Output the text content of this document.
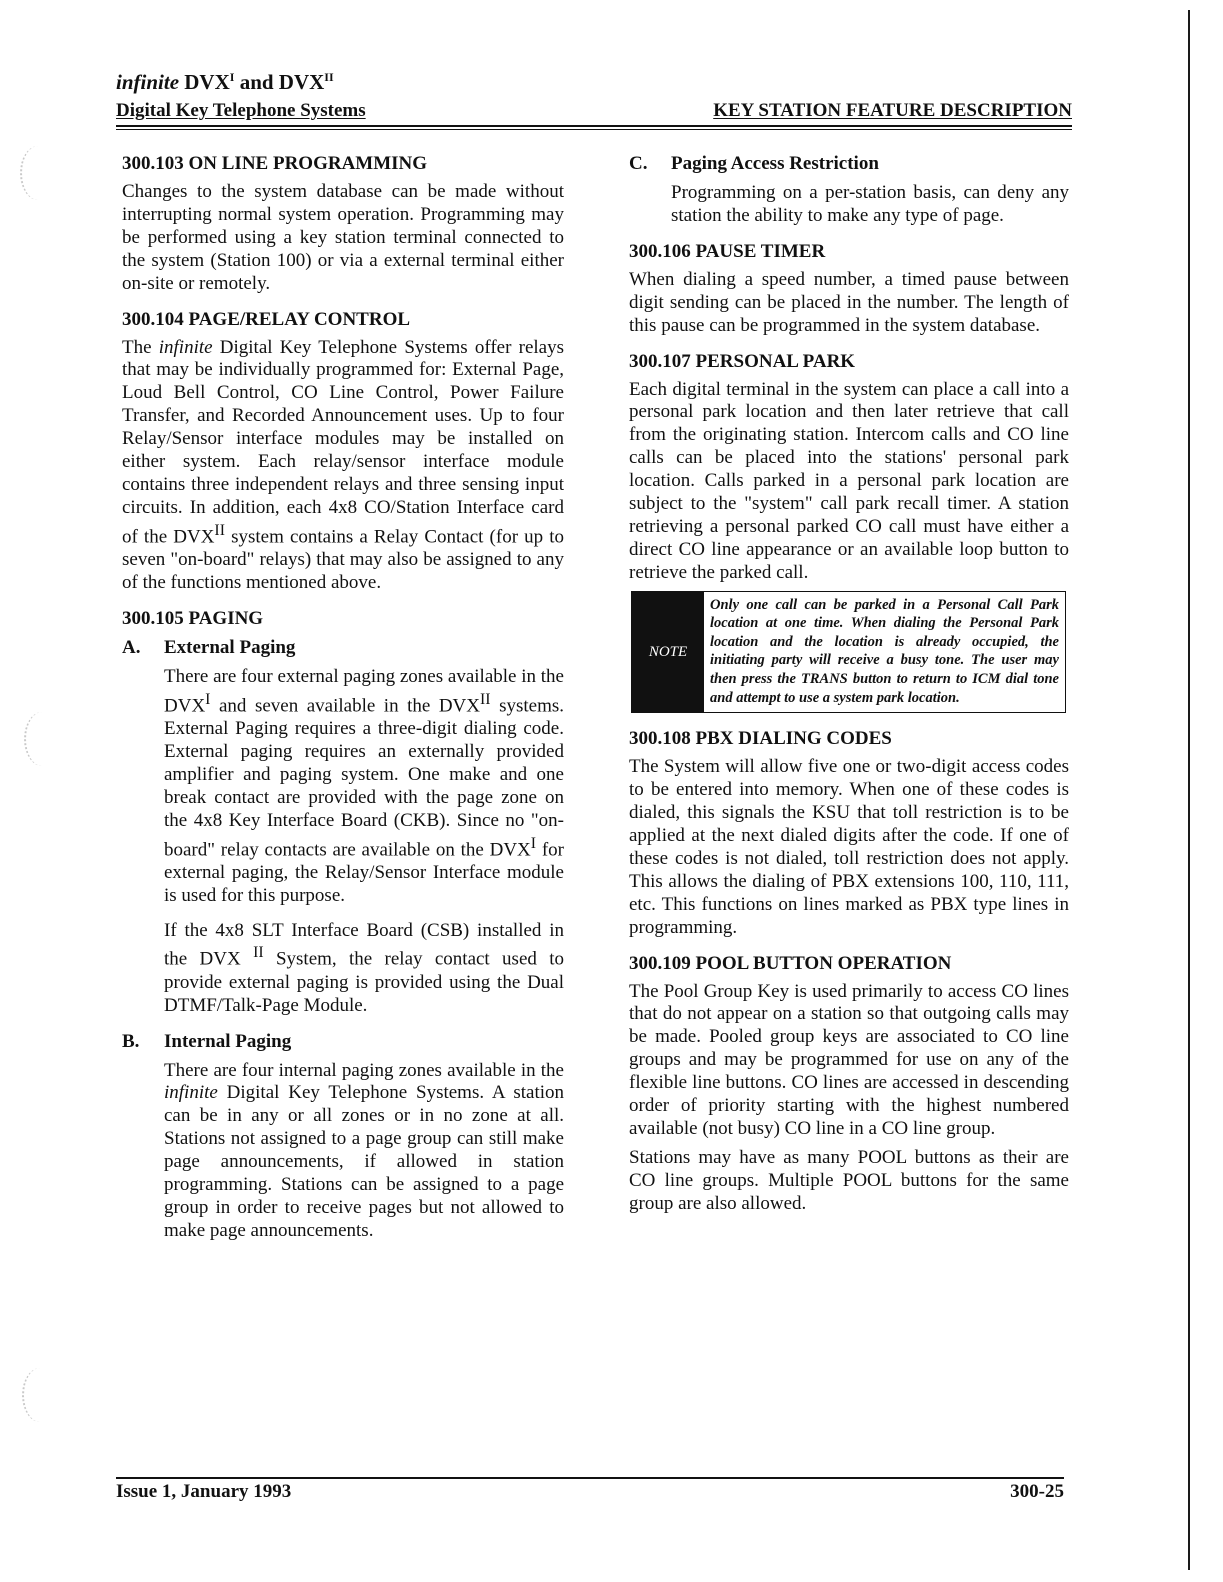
infinite $DVX^I$ and $DVX^{II}$
Digital Key Telephone Systems	KEY STATION FEATURE DESCRIPTION
300.103 ON LINE PROGRAMMING

Changes to the system database can be made without interrupting normal system operation. Programming may be performed using a key station terminal connected to the system (Station 100) or via a external terminal either on-site or remotely.

300.104 PAGE/RELAY CONTROL

The infinite Digital Key Telephone Systems offer relays that may be individually programmed for: External Page, Loud Bell Control, CO Line Control, Power Failure Transfer, and Recorded Announcement uses. Up to four Relay/Sensor interface modules may be installed on either system. Each relay/sensor interface module contains three independent relays and three sensing input circuits. In addition, each 4x8 CO/Station Interface card of the $DVX^{II}$ system contains a Relay Contact (for up to seven "on-board" relays) that may also be assigned to any of the functions mentioned above.

300.105 PAGING
A. External Paging

There are four external paging zones available in the $DVX^I$ and seven available in the $DVX^{II}$ systems. External Paging requires a three-digit dialing code. External paging requires an externally provided amplifier and paging system. One make and one break contact are provided with the page zone on the 4x8 Key Interface Board (CKB). Since no "on-board" relay contacts are available on the $DVX^I$ for external paging, the Relay/Sensor Interface module is used for this purpose.

If the 4x8 SLT Interface Board (CSB) installed in the DVX $^{II}$ System, the relay contact used to provide external paging is provided using the Dual DTMF/Talk-Page Module.

B. Internal Paging

There are four internal paging zones available in the infinite Digital Key Telephone Systems. A station can be in any or all zones or in no zone at all. Stations not assigned to a page group can still make page announcements, if allowed in station programming. Stations can be assigned to a page group in order to receive pages but not allowed to make page announcements.

C. Paging Access Restriction

Programming on a per-station basis, can deny any station the ability to make any type of page.

300.106 PAUSE TIMER

When dialing a speed number, a timed pause between digit sending can be placed in the number. The length of this pause can be programmed in the system database.

300.107 PERSONAL PARK

Each digital terminal in the system can place a call into a personal park location and then later retrieve that call from the originating station. Intercom calls and CO line calls can be placed into the stations' personal park location. Calls parked in a personal park location are subject to the "system" call park recall timer. A station retrieving a personal parked CO call must have either a direct CO line appearance or an available loop button to retrieve the parked call.

NOTE
Only one call can be parked in a Personal Call Park location at one time. When dialing the Personal Park location and the location is already occupied, the initiating party will receive a busy tone. The user may then press the TRANS button to return to ICM dial tone and attempt to use a system park location.
300.108 PBX DIALING CODES

The System will allow five one or two-digit access codes to be entered into memory. When one of these codes is dialed, this signals the KSU that toll restriction is to be applied at the next dialed digits after the code. If one of these codes is not dialed, toll restriction does not apply. This allows the dialing of PBX extensions 100, 110, 111, etc. This functions on lines marked as PBX type lines in programming.

300.109 POOL BUTTON OPERATION

The Pool Group Key is used primarily to access CO lines that do not appear on a station so that outgoing calls may be made. Pooled group keys are associated to CO line groups and may be programmed for use on any of the flexible line buttons. CO lines are accessed in descending order of priority starting with the highest numbered available (not busy) CO line in a CO line group.

Stations may have as many POOL buttons as their are CO line groups. Multiple POOL buttons for the same group are also allowed.

Issue 1, January 1993	300-25
